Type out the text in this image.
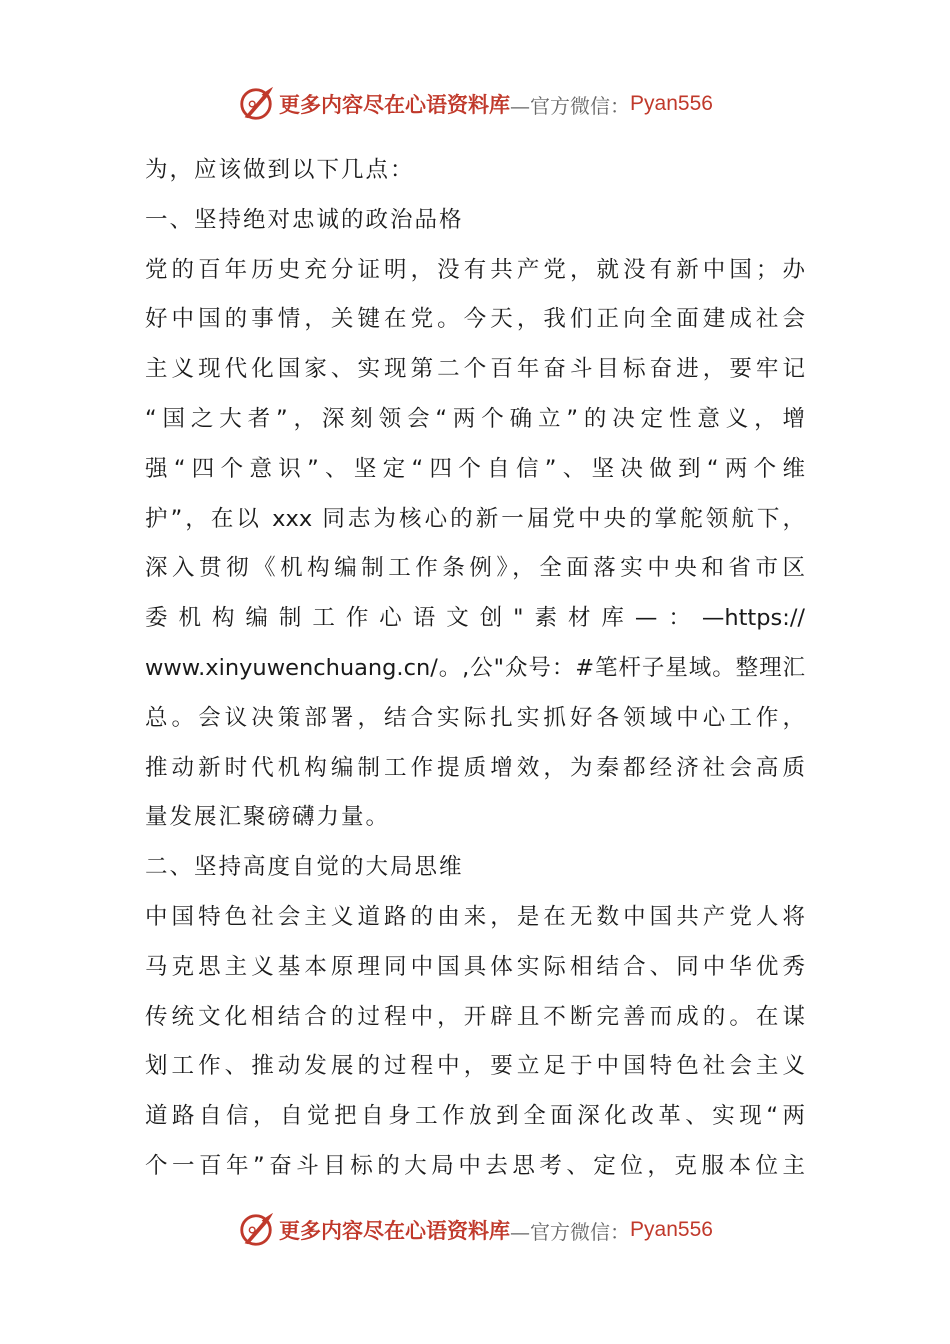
更多内容尽在心语资料库 —官方微信： Pyan556
为，应该做到以下几点：
一、坚持绝对忠诚的政治品格
党的百年历史充分证明，没有共产党，就没有新中国；办
好中国的事情，关键在党。今天，我们正向全面建成社会
主义现代化国家、实现第二个百年奋斗目标奋进，要牢记
“国之大者”，深刻领会“两个确立”的决定性意义，增
强“四个意识”、坚定“四个自信”、坚决做到“两个维
护”，在以 xxx 同志为核心的新一届党中央的掌舵领航下，
深入贯彻《机构编制工作条例》，全面落实中央和省市区
委机构编制工作心语文创"素材库—：—https://
www.xinyuwenchuang.cn/。,公"众号：#笔杆子星域。整理汇
总。会议决策部署，结合实际扎实抓好各领域中心工作，
推动新时代机构编制工作提质增效，为秦都经济社会高质
量发展汇聚磅礴力量。
二、坚持高度自觉的大局思维
中国特色社会主义道路的由来，是在无数中国共产党人将
马克思主义基本原理同中国具体实际相结合、同中华优秀
传统文化相结合的过程中，开辟且不断完善而成的。在谋
划工作、推动发展的过程中，要立足于中国特色社会主义
道路自信，自觉把自身工作放到全面深化改革、实现“两
个一百年”奋斗目标的大局中去思考、定位，克服本位主
更多内容尽在心语资料库 —官方微信： Pyan556
